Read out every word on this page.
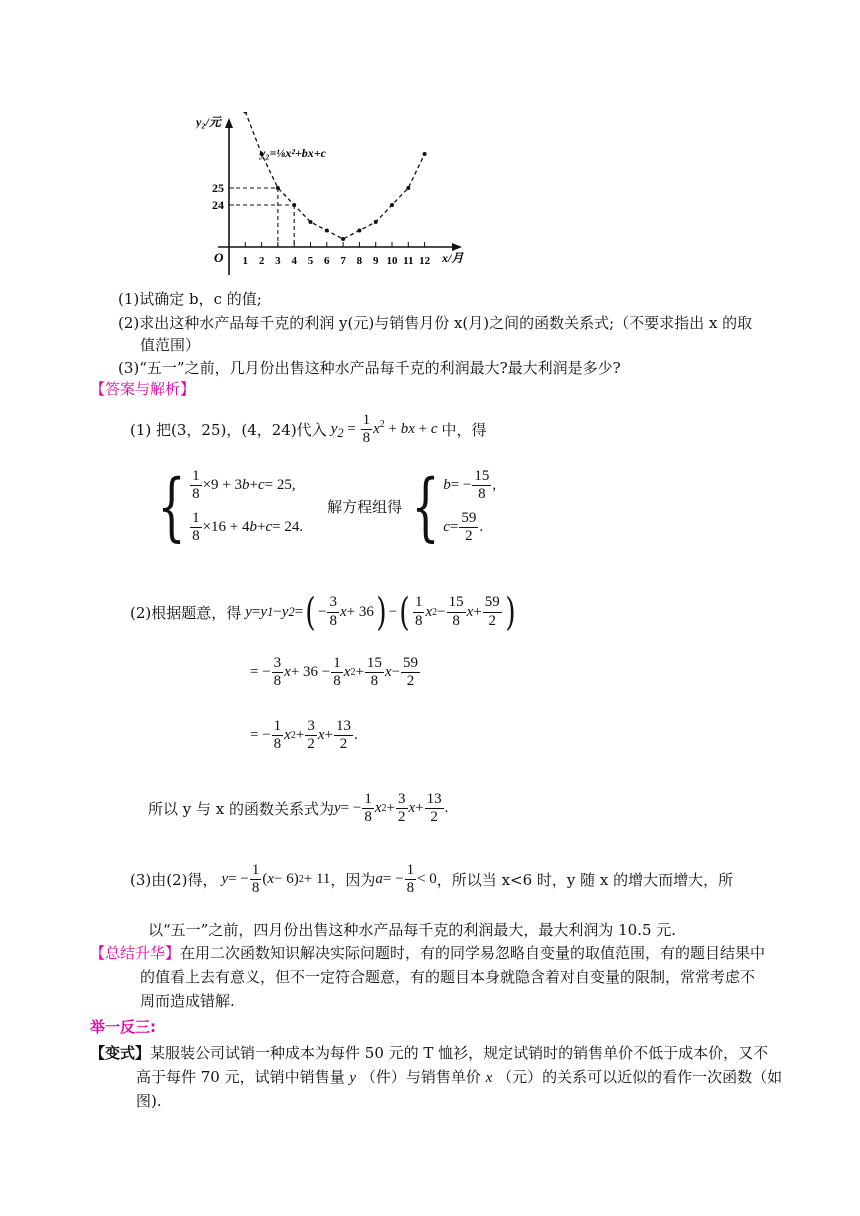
y₂/元
x/月
O
y₂=⅛x²+bx+c
1 2 3 4 5 6 7 8 9 10 11 12
25
24
(1)试确定 b，c 的值;
(2)求出这种水产品每千克的利润 y(元)与销售月份 x(月)之间的函数关系式;（不要求指出 x 的取
值范围）
(3)“五一”之前，几月份出售这种水产品每千克的利润最大?最大利润是多少?
【答案与解析】
(1) 把(3，25)，(4，24)代入 $y_2 = \frac{1}{8} x^2$ + bx + c 中，得
{ $\frac{1}{8} \times 9 + 3$ b + c = 25,
$\frac{1}{8} \times 16 + 4$ b + c = 24.
解方程组得 { b = − $\frac{15}{8}$ ,
$c = \frac{59}{2}$ .
(2)根据题意，得 y = y 1 − y 2 = ( − $\frac{3}{8}$ x + 36 ) − ( $\frac{1}{8}$ x $2 - \frac{15}{8}$ $x + \frac{59}{2}$ )
= − $\frac{3}{8}$ $x + 36 - \frac{1}{8}$ x $2 + \frac{15}{8}$ $x - \frac{59}{2}$
= − $\frac{1}{8}$ x $2 + \frac{3}{2}$ $x + \frac{13}{2}$ .
所以 y 与 x 的函数关系式为 y = − $\frac{1}{8}$ x $2 + \frac{3}{2}$ $x + \frac{13}{2}$ .
(3)由(2)得， y = − $\frac{1}{8}$ ( x − 6) 2 + 11 ，因为 a = − $\frac{1}{8} < 0$ ，所以当 x<6 时，y 随 x 的增大而增大，所
以“五一”之前，四月份出售这种水产品每千克的利润最大，最大利润为 10.5 元.
【总结升华】在用二次函数知识解决实际问题时，有的同学易忽略自变量的取值范围，有的题目结果中
的值看上去有意义，但不一定符合题意，有的题目本身就隐含着对自变量的限制，常常考虑不
周而造成错解.
举一反三:
【变式】某服装公司试销一种成本为每件 50 元的 T 恤衫，规定试销时的销售单价不低于成本价，又不
高于每件 70 元，试销中销售量 y （件）与销售单价 x （元）的关系可以近似的看作一次函数（如
图).
